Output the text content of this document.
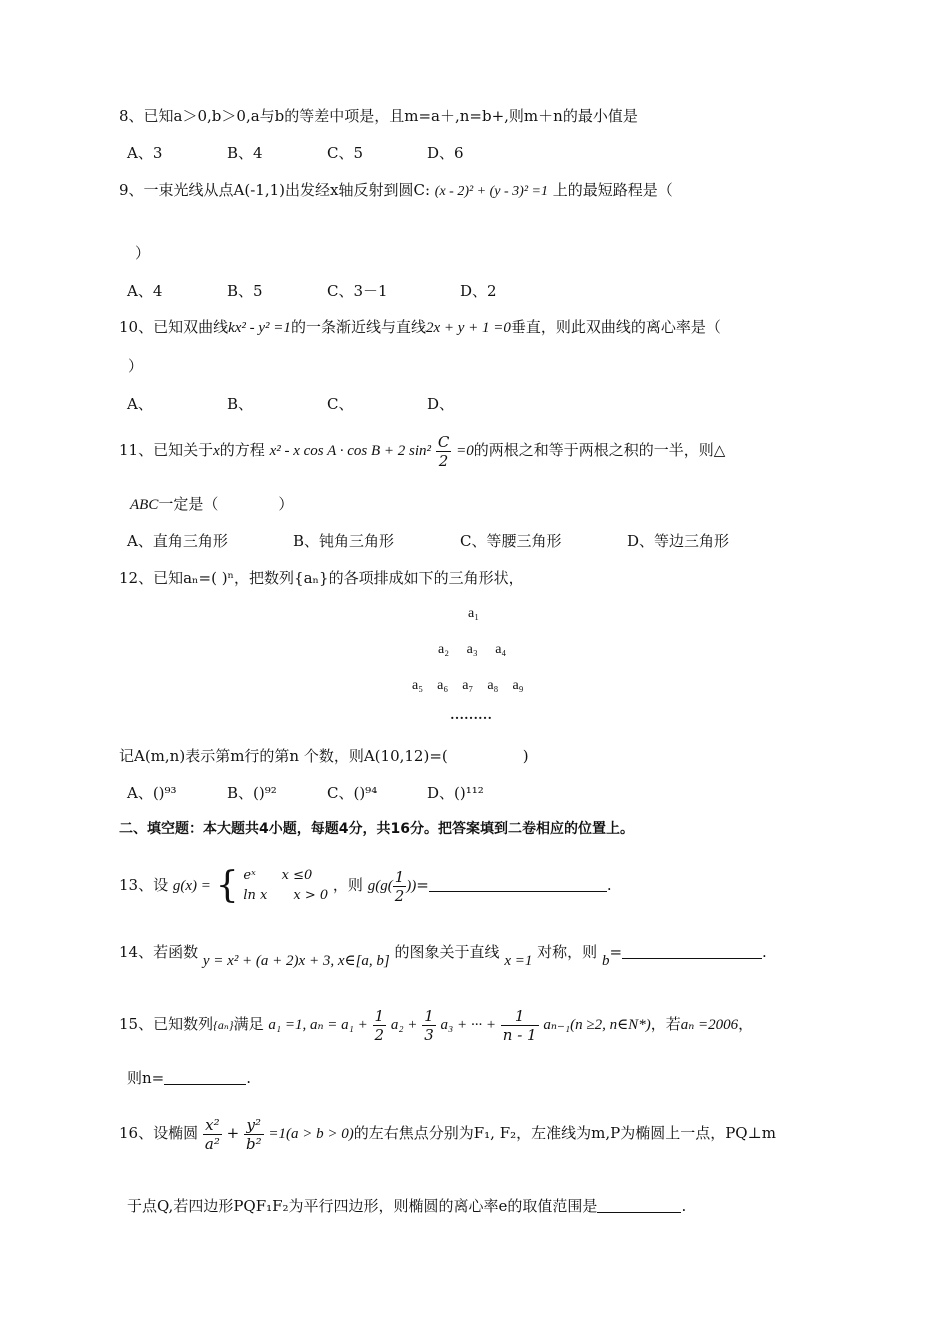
8、已知a＞0,b＞0,a与b的等差中项是，且m=a＋,n=b+,则m＋n的最小值是
A、3	B、4	C、5	D、6
9、一束光线从点A(-1,1)出发经x轴反射到圆C: (x - 2)² + (y - 3)² =1 上的最短路程是（
）
A、4	B、5	C、3－1	D、2
10、已知双曲线kx² - y² =1的一条渐近线与直线2x + y + 1 =0垂直，则此双曲线的离心率是（
）
A、	B、	C、	D、
11、已知关于x的方程 x² - x cos A · cos B + 2 $\sin^2 \frac{C}{2} =0$的两根之和等于两根之积的一半，则△
ABC一定是（　　　　）
A、直角三角形	B、钝角三角形	C、等腰三角形	D、等边三角形
12、已知aₙ=( )ⁿ，把数列{aₙ}的各项排成如下的三角形状，
a₁
a₂ a₃ a₄
a₅ a₆ a₇ a₈ a₉
………
记A(m,n)表示第m行的第n 个数，则A(10,12)=(　　　　　)
A、()⁹³	B、()⁹²	C、()⁹⁴	D、()¹¹²
二、填空题：本大题共4小题，每题4分，共16分。把答案填到二卷相应的位置上。
13、设 g(x) = { eˣ　　x ≤0
ln x　　x > 0
，则 $g(g( \frac{1}{2}$ ))=	.
14、若函数 y = x² + (a + 2)x + 3, x∈[a, b] 的图象关于直线 x =1 对称，则 b=	.
15、已知数列{aₙ}满足 a₁ =1, $a_n = a_1 + \frac{1}{2} a_2 + \frac{1}{3} a_3$ + ··· + $\frac{1}{n - 1} a_{n-1}(n \ge 2$, n∈N*)，若aₙ =2006，
则n=	.
16、设椭圆 $\frac{\text{x²}}{\text{a²}} + \frac{\text{y²}}{\text{b²}} =1(a > b > 0)$的左右焦点分别为F₁, F₂，左准线为m,P为椭圆上一点，PQ⊥m
于点Q,若四边形PQF₁F₂为平行四边形，则椭圆的离心率e的取值范围是	.
